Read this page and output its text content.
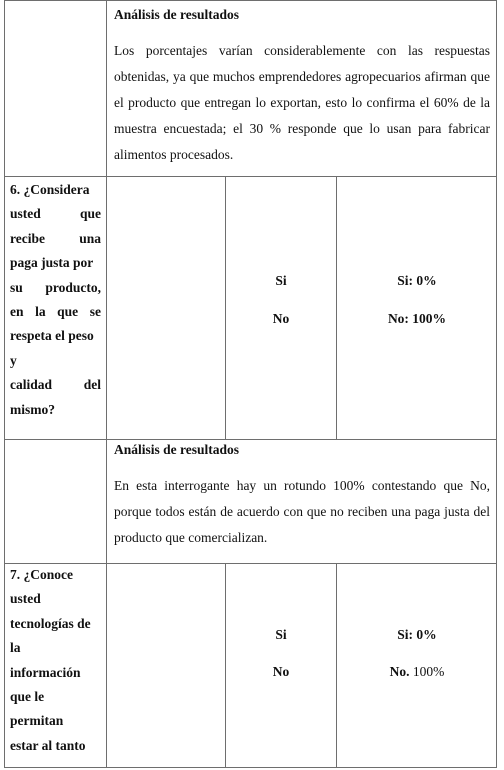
Análisis de resultados
Los porcentajes varían considerablemente con las respuestas obtenidas, ya que muchos emprendedores agropecuarios afirman que el producto que entregan lo exportan, esto lo confirma el 60% de la muestra encuestada; el 30 % responde que lo usan para fabricar alimentos procesados.
6. ¿Considera
usted que
recibe una
paga justa por
su producto,
en la que se
respeta el peso
y
calidad del
mismo?
Si
No
Si: 0%
No: 100%
Análisis de resultados
En esta interrogante hay un rotundo 100% contestando que No, porque todos están de acuerdo con que no reciben una paga justa del producto que comercializan.
7. ¿Conoce
usted
tecnologías de
la
información
que le
permitan
estar al tanto
Si
No
Si: 0%
No. 100%
